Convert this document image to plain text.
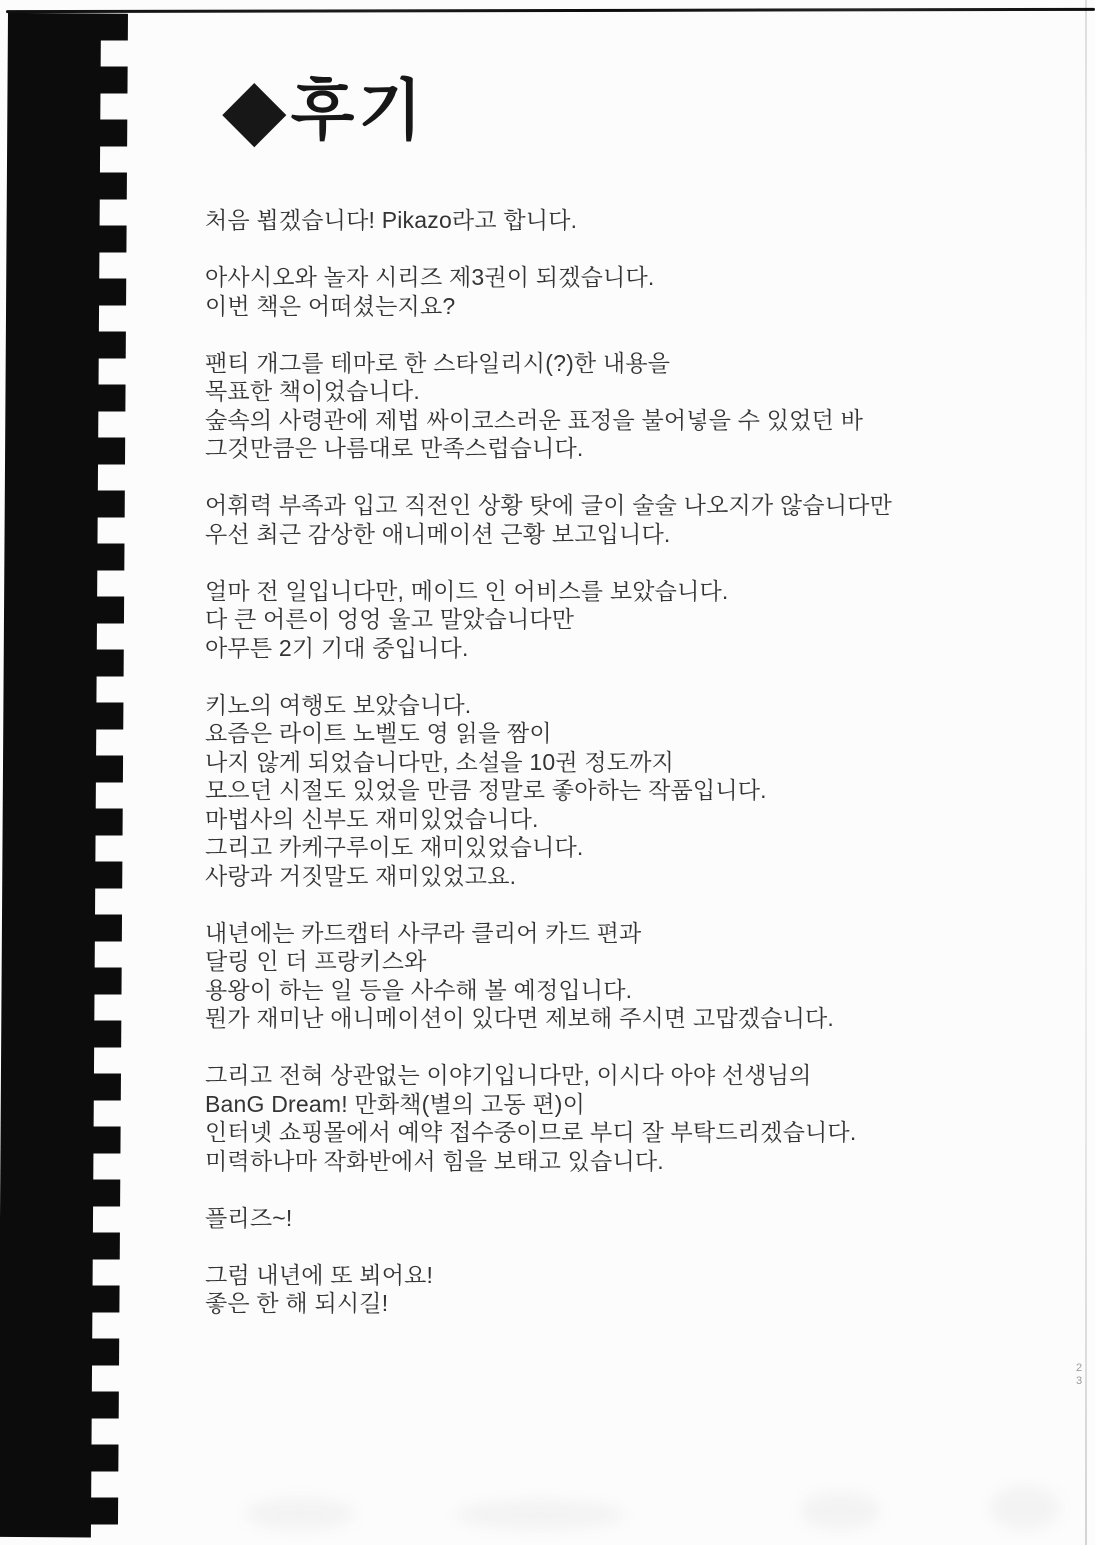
◆ 후기

처음 뵙겠습니다! Pikazo라고 합니다.

아사시오와 놀자 시리즈 제3권이 되겠습니다.
이번 책은 어떠셨는지요?

팬티 개그를 테마로 한 스타일리시(?)한 내용을
목표한 책이었습니다.
숲속의 사령관에 제법 싸이코스러운 표정을 불어넣을 수 있었던 바
그것만큼은 나름대로 만족스럽습니다.

어휘력 부족과 입고 직전인 상황 탓에 글이 술술 나오지가 않습니다만
우선 최근 감상한 애니메이션 근황 보고입니다.

얼마 전 일입니다만, 메이드 인 어비스를 보았습니다.
다 큰 어른이 엉엉 울고 말았습니다만
아무튼 2기 기대 중입니다.

키노의 여행도 보았습니다.
요즘은 라이트 노벨도 영 읽을 짬이
나지 않게 되었습니다만, 소설을 10권 정도까지
모으던 시절도 있었을 만큼 정말로 좋아하는 작품입니다.
마법사의 신부도 재미있었습니다.
그리고 카케구루이도 재미있었습니다.
사랑과 거짓말도 재미있었고요.

내년에는 카드캡터 사쿠라 클리어 카드 편과
달링 인 더 프랑키스와
용왕이 하는 일 등을 사수해 볼 예정입니다.
뭔가 재미난 애니메이션이 있다면 제보해 주시면 고맙겠습니다.

그리고 전혀 상관없는 이야기입니다만, 이시다 아야 선생님의
BanG Dream! 만화책(별의 고동 편)이
인터넷 쇼핑몰에서 예약 접수중이므로 부디 잘 부탁드리겠습니다.
미력하나마 작화반에서 힘을 보태고 있습니다.

플리즈~!

그럼 내년에 또 뵈어요!
좋은 한 해 되시길!

2
3
